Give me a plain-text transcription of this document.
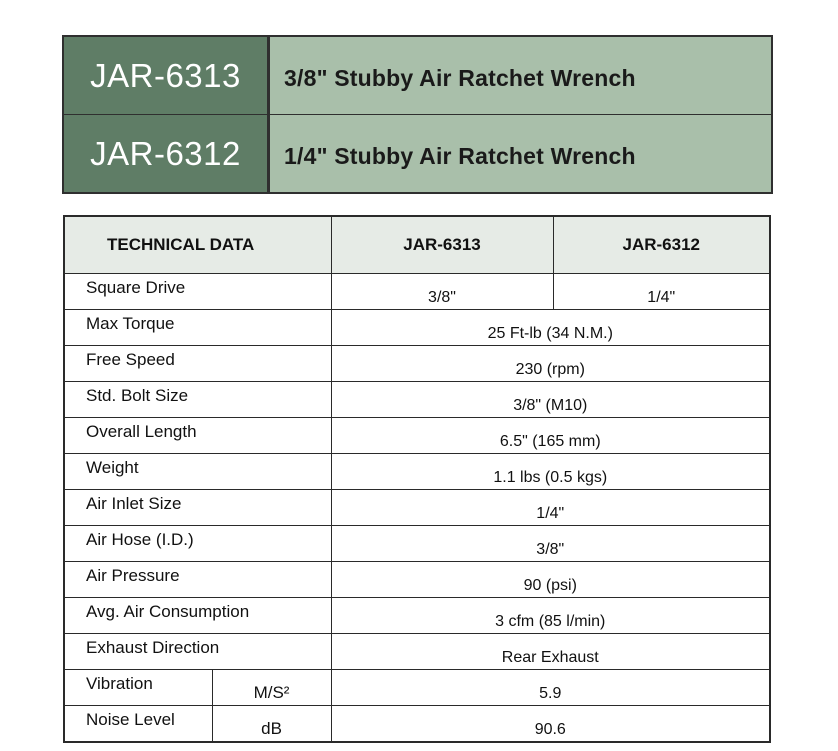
JAR-6313	3/8" Stubby Air Ratchet Wrench
JAR-6312	1/4" Stubby Air Ratchet Wrench
TECHNICAL DATA		JAR-6313	JAR-6312
Square Drive		3/8"	1/4"
Max Torque		25 Ft-lb (34 N.M.)	
Free Speed		230 (rpm)	
Std. Bolt Size		3/8" (M10)	
Overall Length		6.5" (165 mm)	
Weight		1.1 lbs (0.5 kgs)	
Air Inlet Size		1/4"	
Air Hose (I.D.)		3/8"	
Air Pressure		90 (psi)	
Avg. Air Consumption		3 cfm (85 l/min)	
Exhaust Direction		Rear Exhaust	
Vibration	M/S²	5.9	
Noise Level	dB	90.6	
